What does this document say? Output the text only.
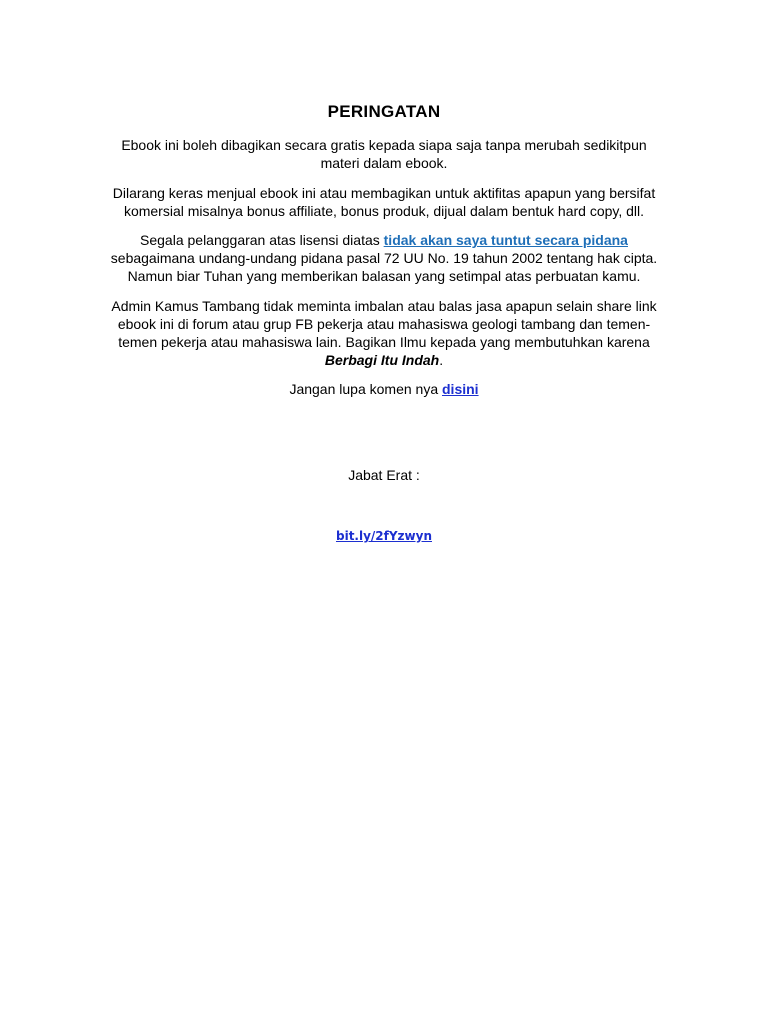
PERINGATAN
Ebook ini boleh dibagikan secara gratis kepada siapa saja tanpa merubah sedikitpun
materi dalam ebook.
Dilarang keras menjual ebook ini atau membagikan untuk aktifitas apapun yang bersifat
komersial misalnya bonus affiliate, bonus produk, dijual dalam bentuk hard copy, dll.
Segala pelanggaran atas lisensi diatas tidak akan saya tuntut secara pidana
sebagaimana undang-undang pidana pasal 72 UU No. 19 tahun 2002 tentang hak cipta.
Namun biar Tuhan yang memberikan balasan yang setimpal atas perbuatan kamu.
Admin Kamus Tambang tidak meminta imbalan atau balas jasa apapun selain share link
ebook ini di forum atau grup FB pekerja atau mahasiswa geologi tambang dan temen-
temen pekerja atau mahasiswa lain. Bagikan Ilmu kepada yang membutuhkan karena
Berbagi Itu Indah.
Jangan lupa komen nya disini
Jabat Erat :
bit.ly/2fYzwyn
